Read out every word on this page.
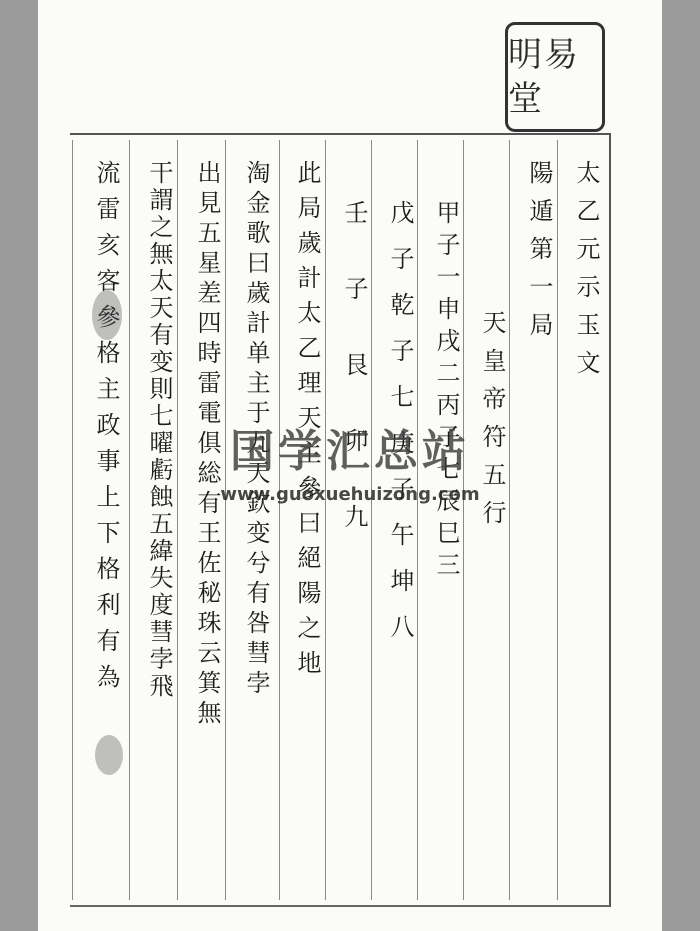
明易堂
太乙元示玉文
陽遁第一局
天皇帝符五行
甲子一申戌二丙子七辰巳三
戊子乾子七庚子午坤八
壬子艮卯九
此局歲計太乙理天主參曰絕陽之地
淘金歌曰歲計单主于九天欽变兮有咎彗孛
出見五星差四時雷電俱総有王佐秘珠云箕無
干謂之無太天有变則七曜虧蝕五緯失度彗孛飛
流雷亥客參格主政事上下格利有為	国学汇总站
www.guoxuehuizong.com
